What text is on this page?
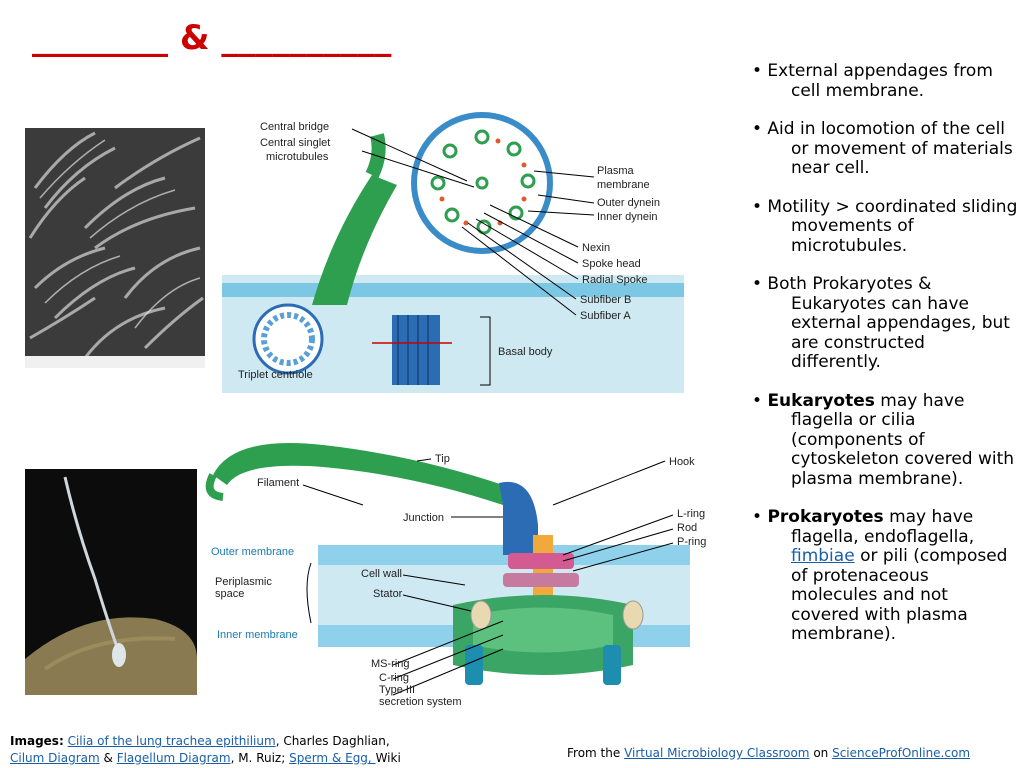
________ & __________
• External appendages from cell membrane.
• Aid in locomotion of the cell or movement of materials near cell.
• Motility > coordinated sliding movements of microtubules.
• Both Prokaryotes & Eukaryotes can have external appendages, but are constructed differently.
• Eukaryotes may have flagella or cilia (components of cytoskeleton covered with plasma membrane).
• Prokaryotes may have flagella, endoflagella, fimbiae or pili (composed of protenaceous molecules and not covered with plasma membrane).
Central bridge
Central singlet
microtubules
Plasma
membrane
Outer dynein
Inner dynein
Nexin
Spoke head
Radial Spoke
Subfiber B
Subfiber A
Basal body
Triplet centriole
Tip	Hook
Filament
Junction	L-ring
Rod
P-ring
Cell wall
Stator
MS-ring
C-ring
Type III
secretion system
Outer membrane
Periplasmic
space
Inner membrane
Images: Cilia of the lung trachea epithilium, Charles Daghlian,
Cilum Diagram & Flagellum Diagram, M. Ruiz; Sperm & Egg, Wiki	From the Virtual Microbiology Classroom on ScienceProfOnline.com
